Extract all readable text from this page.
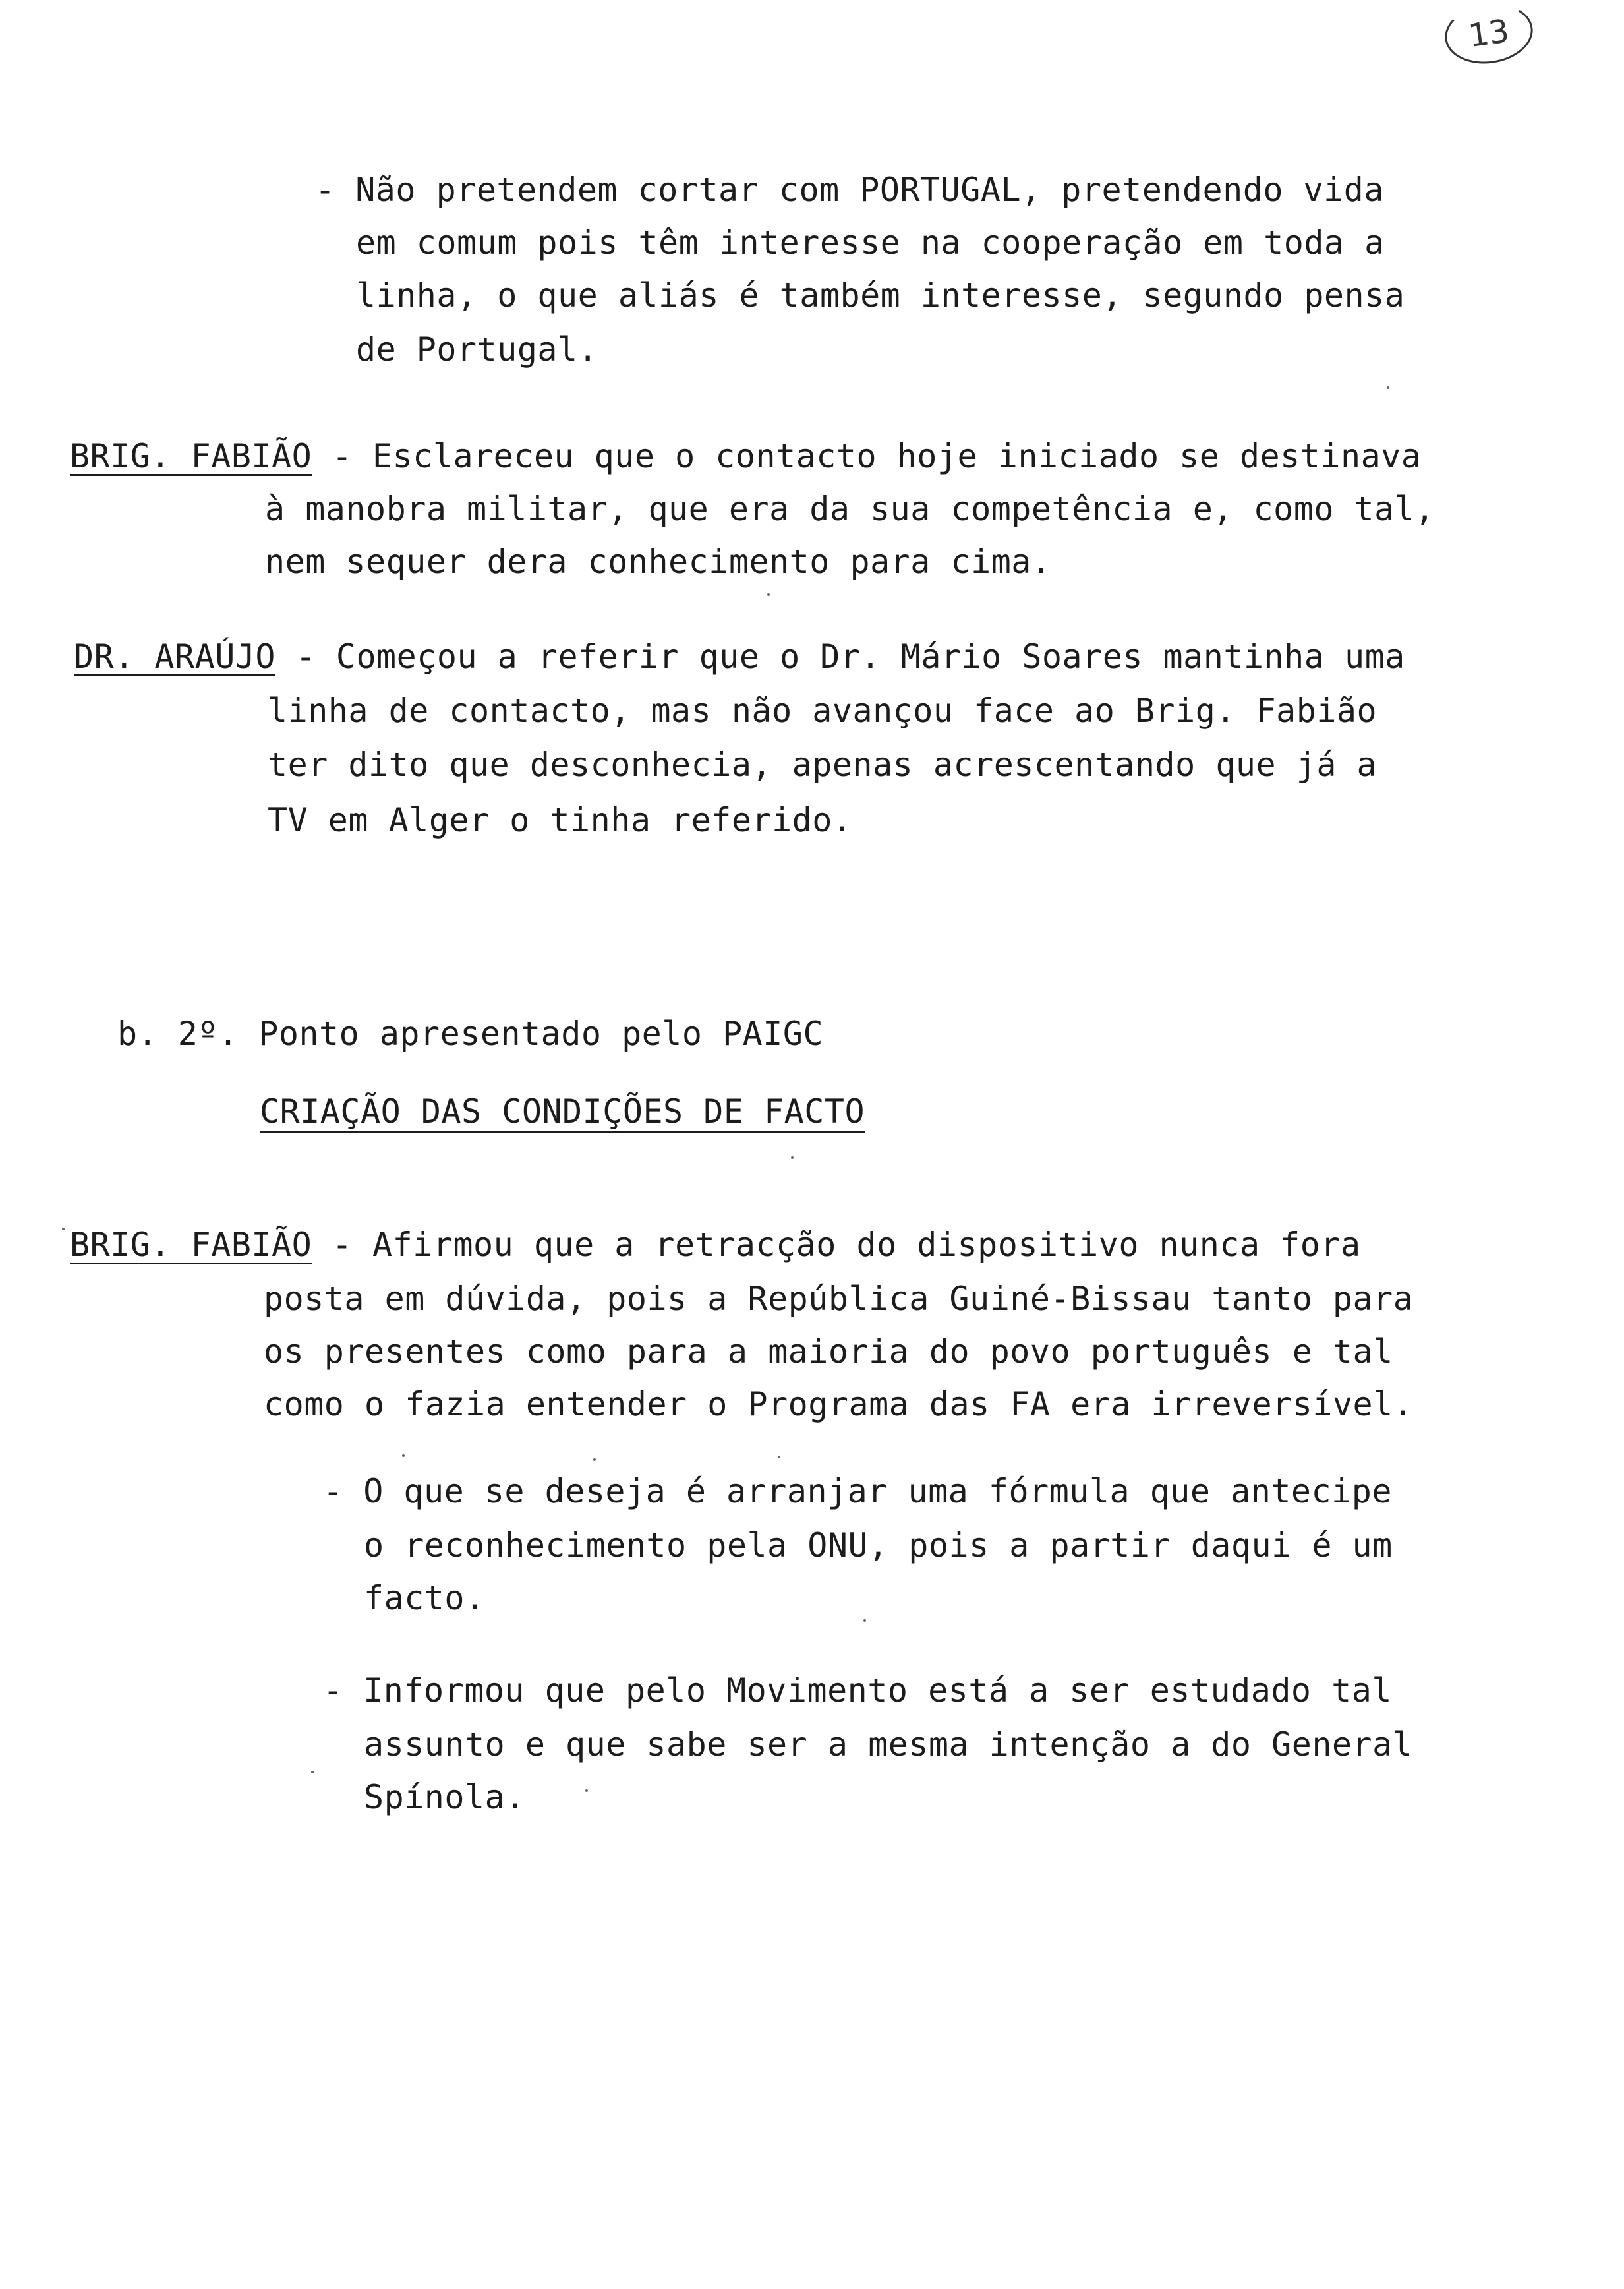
13
- Não pretendem cortar com PORTUGAL, pretendendo vida
em comum pois têm interesse na cooperação em toda a
linha, o que aliás é também interesse, segundo pensa
de Portugal.
BRIG. FABIÃO - Esclareceu que o contacto hoje iniciado se destinava
à manobra militar, que era da sua competência e, como tal,
nem sequer dera conhecimento para cima.
DR. ARAÚJO - Começou a referir que o Dr. Mário Soares mantinha uma
linha de contacto, mas não avançou face ao Brig. Fabião
ter dito que desconhecia, apenas acrescentando que já a
TV em Alger o tinha referido.
b. 2º. Ponto apresentado pelo PAIGC
CRIAÇÃO DAS CONDIÇÕES DE FACTO
BRIG. FABIÃO - Afirmou que a retracção do dispositivo nunca fora
posta em dúvida, pois a República Guiné-Bissau tanto para
os presentes como para a maioria do povo português e tal
como o fazia entender o Programa das FA era irreversível.
- O que se deseja é arranjar uma fórmula que antecipe
o reconhecimento pela ONU, pois a partir daqui é um
facto.
- Informou que pelo Movimento está a ser estudado tal
assunto e que sabe ser a mesma intenção a do General
Spínola.
